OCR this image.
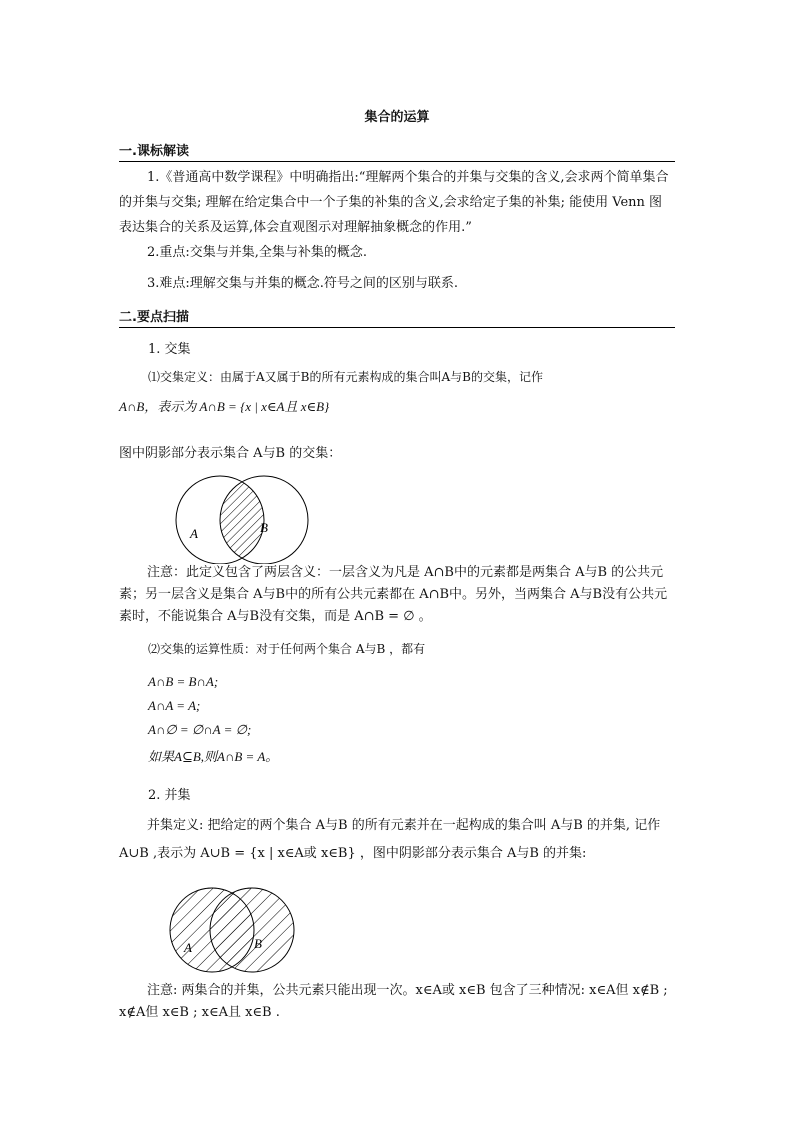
集合的运算
一.课标解读
1.《普通高中数学课程》中明确指出:“理解两个集合的并集与交集的含义,会求两个简单集合的并集与交集; 理解在给定集合中一个子集的补集的含义,会求给定子集的补集; 能使用 Venn 图表达集合的关系及运算,体会直观图示对理解抽象概念的作用.”
2.重点:交集与并集,全集与补集的概念.
3.难点:理解交集与并集的概念.符号之间的区别与联系.
二.要点扫描
1. 交集
⑴交集定义：由属于A又属于B的所有元素构成的集合叫A与B的交集，记作
A∩B，表示为 A∩B = {x | x∈A且 x∈B}
图中阴影部分表示集合 A与B 的交集：
A	B
注意：此定义包含了两层含义：一层含义为凡是 A∩B中的元素都是两集合 A与B 的公共元素；另一层含义是集合 A与B中的所有公共元素都在 A∩B中。另外，当两集合 A与B没有公共元素时，不能说集合 A与B没有交集，而是 A∩B = ∅ 。
⑵交集的运算性质：对于任何两个集合 A与B ，都有
A∩B = B∩A;
A∩A = A;
A∩∅ = ∅∩A = ∅;
如果A⊆B,则A∩B = A。
2. 并集
并集定义: 把给定的两个集合 A与B 的所有元素并在一起构成的集合叫 A与B 的并集, 记作 A∪B ,表示为 A∪B = {x | x∈A或 x∈B} ，图中阴影部分表示集合 A与B 的并集:
A	B
注意: 两集合的并集，公共元素只能出现一次。x∈A或 x∈B 包含了三种情况: x∈A但 x∉B ; x∉A但 x∈B ; x∈A且 x∈B .
